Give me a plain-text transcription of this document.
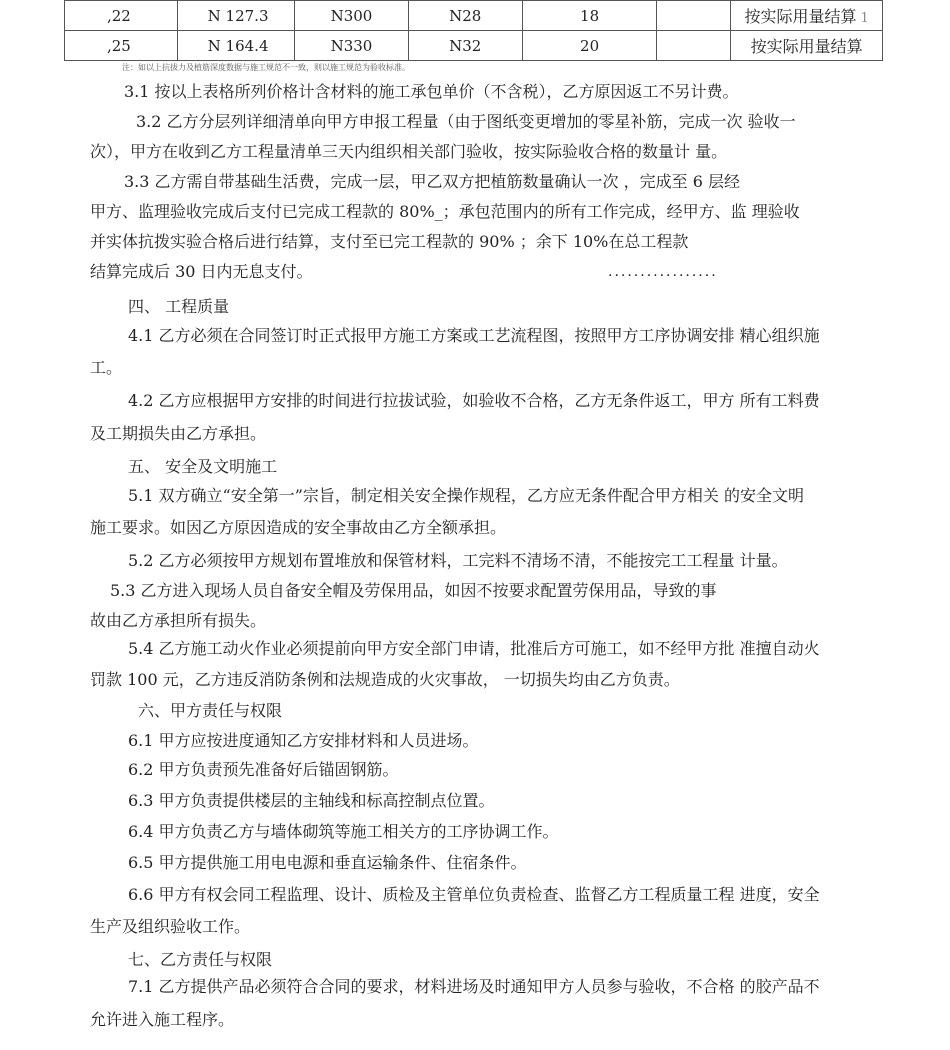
,22	N 127.3	N300	N28	18		按实际用量结算 1
,25	N 164.4	N330	N32	20		按实际用量结算
注：如以上抗拔力及植筋深度数据与施工规范不一致，则以施工规范为验收标准。
3.1 按以上表格所列价格计含材料的施工承包单价（不含税），乙方原因返工不另计费。
3.2 乙方分层列详细清单向甲方申报工程量（由于图纸变更增加的零星补筋，完成一次 验收一
次），甲方在收到乙方工程量清单三天内组织相关部门验收，按实际验收合格的数量计 量。
3.3 乙方需自带基础生活费，完成一层，甲乙双方把植筋数量确认一次 ，完成至 6 层经
甲方、监理验收完成后支付已完成工程款的 80%_；承包范围内的所有工作完成，经甲方、监 理验收
并实体抗拨实验合格后进行结算，支付至已完工程款的 90% ；余下 10%在总工程款
结算完成后 30 日内无息支付。	.................
四、 工程质量
4.1 乙方必须在合同签订时正式报甲方施工方案或工艺流程图，按照甲方工序协调安排 精心组织施
工。
4.2 乙方应根据甲方安排的时间进行拉拔试验，如验收不合格，乙方无条件返工，甲方 所有工料费
及工期损失由乙方承担。
五、 安全及文明施工
5.1 双方确立“安全第一”宗旨，制定相关安全操作规程，乙方应无条件配合甲方相关 的安全文明
施工要求。如因乙方原因造成的安全事故由乙方全额承担。
5.2 乙方必须按甲方规划布置堆放和保管材料，工完料不清场不清，不能按完工工程量 计量。
5.3 乙方进入现场人员自备安全帽及劳保用品，如因不按要求配置劳保用品，导致的事
故由乙方承担所有损失。
5.4 乙方施工动火作业必须提前向甲方安全部门申请，批准后方可施工，如不经甲方批 准擅自动火
罚款 100 元，乙方违反消防条例和法规造成的火灾事故， 一切损失均由乙方负责。
六、甲方责任与权限
6.1 甲方应按进度通知乙方安排材料和人员进场。
6.2 甲方负责预先准备好后锚固钢筋。
6.3 甲方负责提供楼层的主轴线和标高控制点位置。
6.4 甲方负责乙方与墙体砌筑等施工相关方的工序协调工作。
6.5 甲方提供施工用电电源和垂直运输条件、住宿条件。
6.6 甲方有权会同工程监理、设计、质检及主管单位负责检查、监督乙方工程质量工程 进度，安全
生产及组织验收工作。
七、乙方责任与权限
7.1 乙方提供产品必须符合合同的要求，材料进场及时通知甲方人员参与验收，不合格 的胶产品不
允许进入施工程序。
